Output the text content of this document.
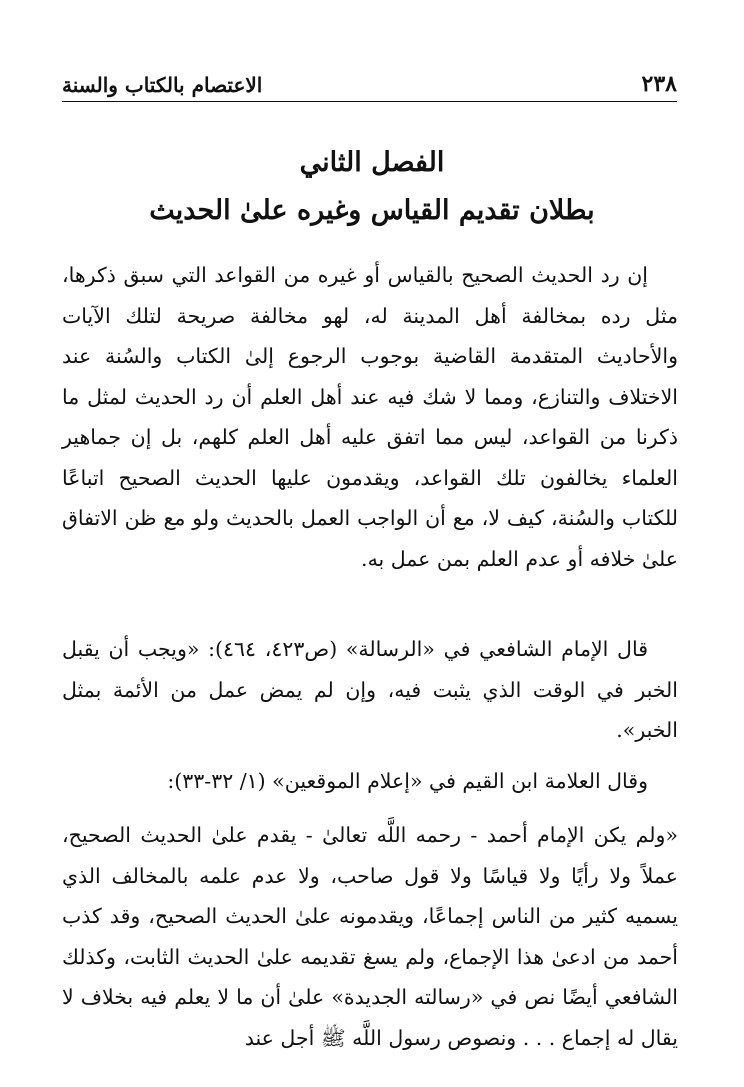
٢٣٨
الاعتصام بالكتاب والسنة
الفصل الثاني
بطلان تقديم القياس وغيره علىٰ الحديث

إن رد الحديث الصحيح بالقياس أو غيره من القواعد التي سبق ذكرها، مثل رده بمخالفة أهل المدينة له، لهو مخالفة صريحة لتلك الآيات والأحاديث المتقدمة القاضية بوجوب الرجوع إلىٰ الكتاب والسُنة عند الاختلاف والتنازع، ومما لا شك فيه عند أهل العلم أن رد الحديث لمثل ما ذكرنا من القواعد، ليس مما اتفق عليه أهل العلم كلهم، بل إن جماهير العلماء يخالفون تلك القواعد، ويقدمون عليها الحديث الصحيح اتباعًا للكتاب والسُنة، كيف لا، مع أن الواجب العمل بالحديث ولو مع ظن الاتفاق علىٰ خلافه أو عدم العلم بمن عمل به.

قال الإمام الشافعي في «الرسالة» (ص٤٢٣، ٤٦٤): «ويجب أن يقبل الخبر في الوقت الذي يثبت فيه، وإن لم يمض عمل من الأئمة بمثل الخبر».

وقال العلامة ابن القيم في «إعلام الموقعين» (١/ ٣٢-٣٣):

«ولم يكن الإمام أحمد - رحمه اللَّه تعالىٰ - يقدم علىٰ الحديث الصحيح، عملاً ولا رأيًا ولا قياسًا ولا قول صاحب، ولا عدم علمه بالمخالف الذي يسميه كثير من الناس إجماعًا، ويقدمونه علىٰ الحديث الصحيح، وقد كذب أحمد من ادعىٰ هذا الإجماع، ولم يسغ تقديمه علىٰ الحديث الثابت، وكذلك الشافعي أيضًا نص في «رسالته الجديدة» علىٰ أن ما لا يعلم فيه بخلاف لا يقال له إجماع . . . ونصوص رسول اللَّه ﷺ أجل عند
